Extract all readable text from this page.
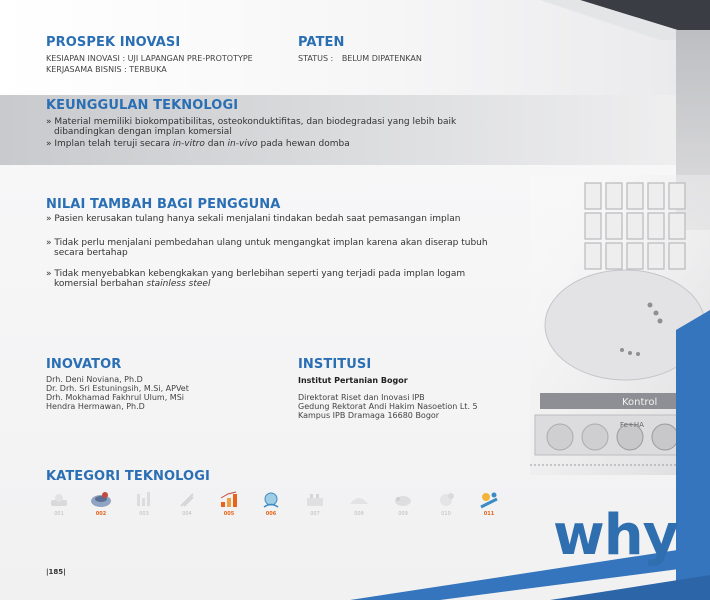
Kontrol
Fe+HA
PROSPEK INOVASI
KESIAPAN INOVASI : UJI LAPANGAN PRE-PROTOTYPE
KERJASAMA BISNIS : TERBUKA
PATEN
STATUS : BELUM DIPATENKAN
KEUNGGULAN TEKNOLOGI
» Material memiliki biokompatibilitas, osteokonduktifitas, dan biodegradasi yang lebih baik
dibandingkan dengan implan komersial
» Implan telah teruji secara in-vitro dan in-vivo pada hewan domba
NILAI TAMBAH BAGI PENGGUNA
» Pasien kerusakan tulang hanya sekali menjalani tindakan bedah saat pemasangan implan
» Tidak perlu menjalani pembedahan ulang untuk mengangkat implan karena akan diserap tubuh
secara bertahap
» Tidak menyebabkan kebengkakan yang berlebihan seperti yang terjadi pada implan logam
komersial berbahan stainless steel
INOVATOR
Drh. Deni Noviana, Ph.D
Dr. Drh. Sri Estuningsih, M.Si, APVet
Drh. Mokhamad Fakhrul Ulum, MSi
Hendra Hermawan, Ph.D
INSTITUSI
Institut Pertanian Bogor
Direktorat Riset dan Inovasi IPB
Gedung Rektorat Andi Hakim Nasoetion Lt. 5
Kampus IPB Dramaga 16680 Bogor
KATEGORI TEKNOLOGI
001	002	003	004	005	006	007	008	009	010	011 why
|185|
